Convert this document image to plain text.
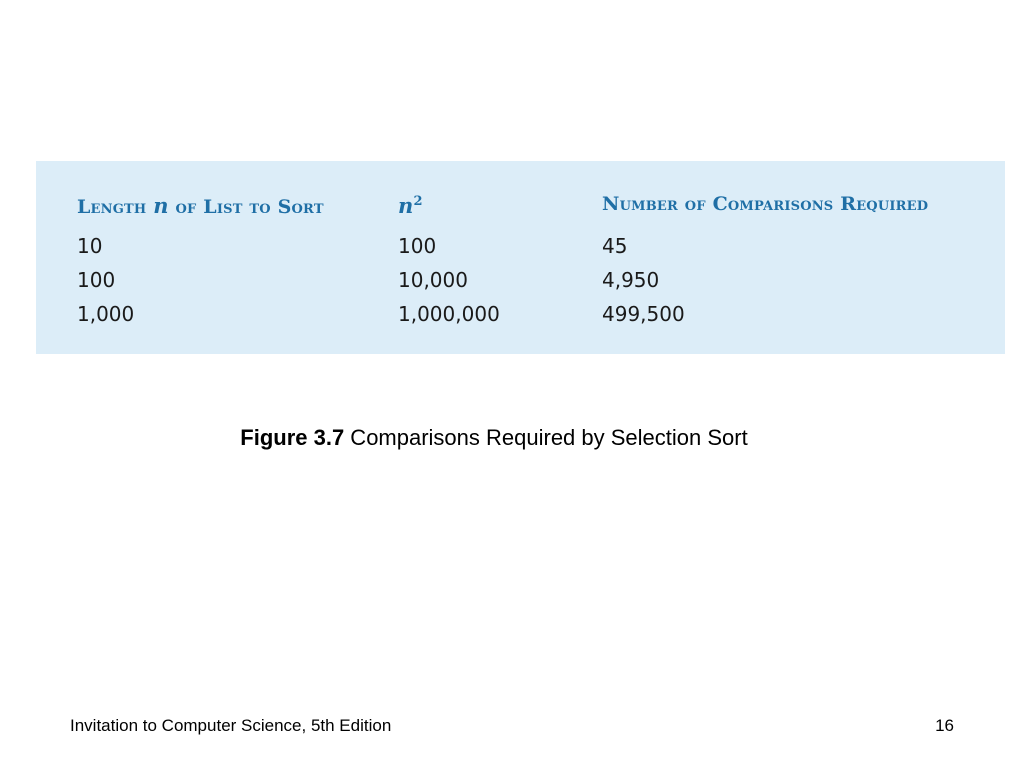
Length n of List to Sort	$n^2$	Number of Comparisons Required
10	100	45
100	10,000	4,950
1,000	1,000,000	499,500
Figure 3.7 Comparisons Required by Selection Sort
Invitation to Computer Science, 5th Edition	16
